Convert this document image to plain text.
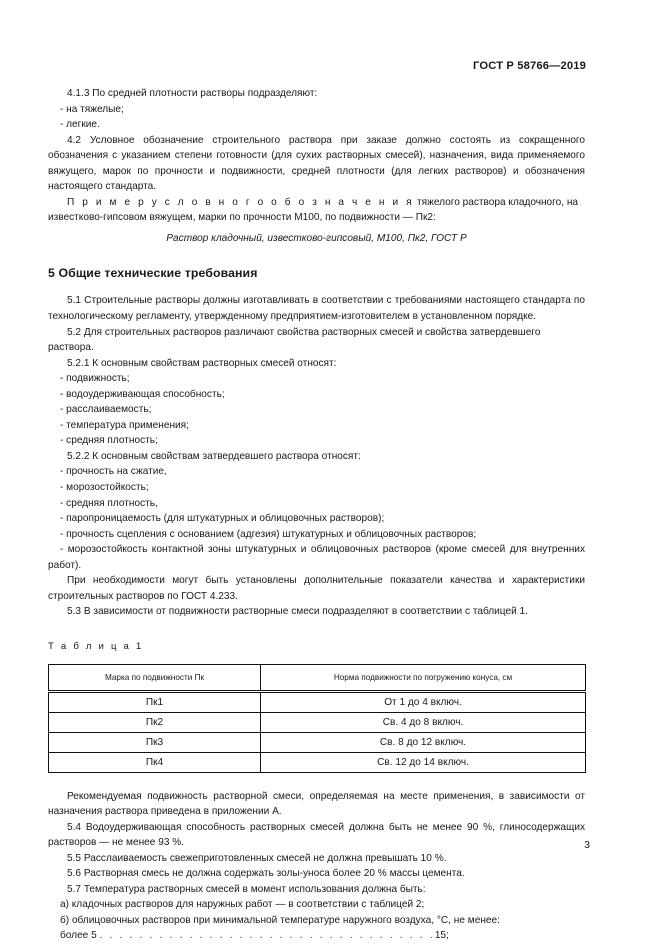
ГОСТ Р 58766—2019

4.1.3 По средней плотности растворы подразделяют:

- на тяжелые;

- легкие.

4.2 Условное обозначение строительного раствора при заказе должно состоять из сокращенного обозначения с указанием степени готовности (для сухих растворных смесей), назначения, вида применяемого вяжущего, марок по прочности и подвижности, средней плотности (для легких растворов) и обозначения настоящего стандарта.

П р и м е р у с л о в н о г о о б о з н а ч е н и я тяжелого раствора кладочного, на известково-гипсовом вяжущем, марки по прочности М100, по подвижности — Пк2:

Раствор кладочный, известково-гипсовый, М100, Пк2, ГОСТ Р

5 Общие технические требования

5.1 Строительные растворы должны изготавливать в соответствии с требованиями настоящего стандарта по технологическому регламенту, утвержденному предприятием-изготовителем в установленном порядке.

5.2 Для строительных растворов различают свойства растворных смесей и свойства затвердевшего раствора.

5.2.1 К основным свойствам растворных смесей относят:

- подвижность;

- водоудерживающая способность;

- расслаиваемость;

- температура применения;

- средняя плотность;

5.2.2 К основным свойствам затвердевшего раствора относят:

- прочность на сжатие,

- морозостойкость;

- средняя плотность,

- паропроницаемость (для штукатурных и облицовочных растворов);

- прочность сцепления с основанием (адгезия) штукатурных и облицовочных растворов;

- морозостойкость контактной зоны штукатурных и облицовочных растворов (кроме смесей для внутренних работ).

При необходимости могут быть установлены дополнительные показатели качества и характеристики строительных растворов по ГОСТ 4.233.

5.3 В зависимости от подвижности растворные смеси подразделяют в соответствии с таблицей 1.

Т а б л и ц а 1

Марка по подвижности Пк	Норма подвижности по погружению конуса, см
Пк1	От 1 до 4 включ.
Пк2	Св. 4 до 8 включ.
Пк3	Св. 8 до 12 включ.
Пк4	Св. 12 до 14 включ.

Рекомендуемая подвижность растворной смеси, определяемая на месте применения, в зависимости от назначения раствора приведена в приложении А.

5.4 Водоудерживающая способность растворных смесей должна быть не менее 90 %, глиносодержащих растворов — не менее 93 %.

5.5 Расслаиваемость свежеприготовленных смесей не должна превышать 10 %.

5.6 Растворная смесь не должна содержать золы-уноса более 20 % массы цемента.

5.7 Температура растворных смесей в момент использования должна быть:

а) кладочных растворов для наружных работ — в соответствии с таблицей 2;

б) облицовочных растворов при минимальной температуре наружного воздуха, °С, не менее:

более 5 . . . . . . . . . . . . . . . . . . . . . . . . . . . . . . . . . .15;

3
